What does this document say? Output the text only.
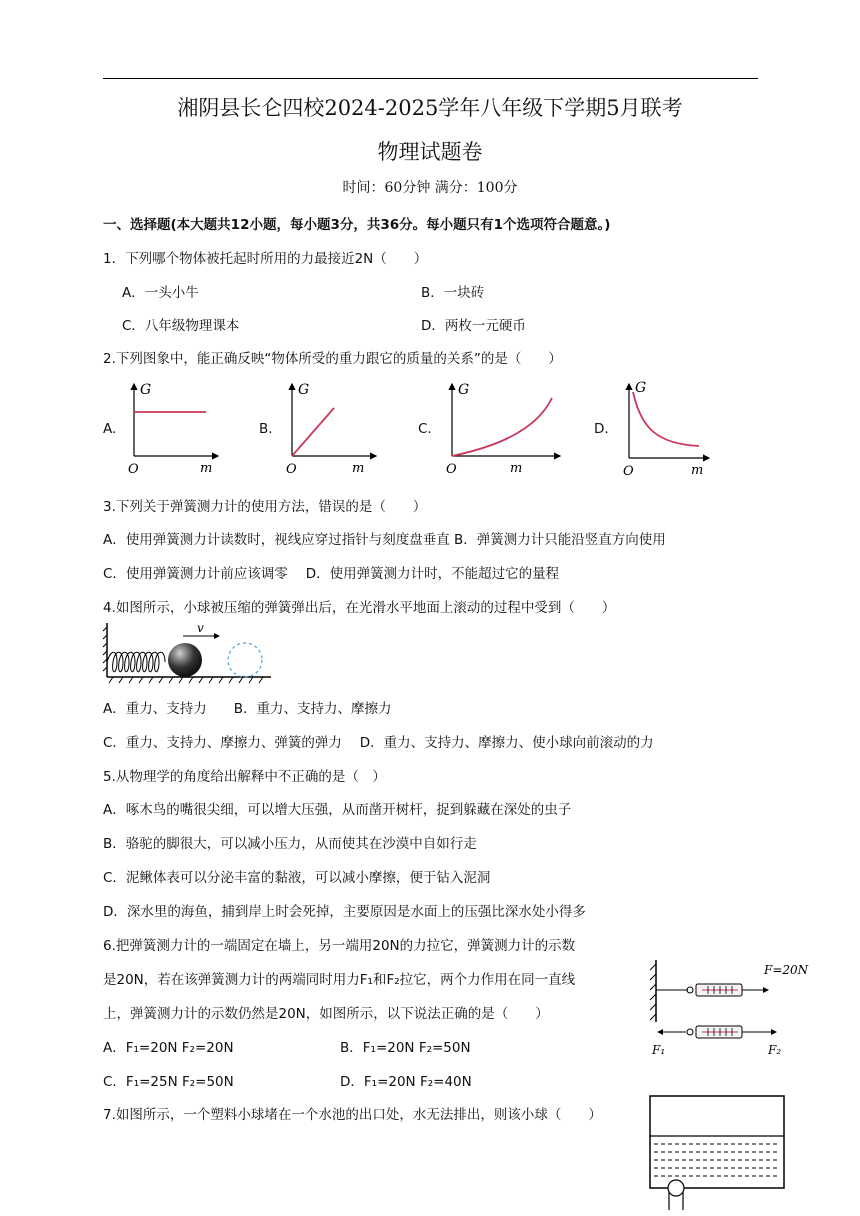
湘阴县长仑四校2024-2025学年八年级下学期5月联考
物理试题卷
时间：60分钟 满分：100分
一、选择题(本大题共12小题，每小题3分，共36分。每小题只有1个选项符合题意。)
1．下列哪个物体被托起时所用的力最接近2N（　　）
A．一头小牛	B．一块砖
C．八年级物理课本	D．两枚一元硬币
2.下列图象中，能正确反映“物体所受的重力跟它的质量的关系”的是（　　）
A.	B.	C.	D.
G
m
O
G
m
O
G
m
O
G
m
O
3.下列关于弹簧测力计的使用方法，错误的是（　　）
A．使用弹簧测力计读数时，视线应穿过指针与刻度盘垂直 B．弹簧测力计只能沿竖直方向使用
C．使用弹簧测力计前应该调零　 D．使用弹簧测力计时，不能超过它的量程
4.如图所示，小球被压缩的弹簧弹出后，在光滑水平地面上滚动的过程中受到（　　）
v
A．重力、支持力　　B．重力、支持力、摩擦力
C．重力、支持力、摩擦力、弹簧的弹力　 D．重力、支持力、摩擦力、使小球向前滚动的力
5.从物理学的角度给出解释中不正确的是（　）
A．啄木鸟的嘴很尖细，可以增大压强，从而凿开树杆，捉到躲藏在深处的虫子
B．骆驼的脚很大，可以减小压力，从而使其在沙漠中自如行走
C．泥鳅体表可以分泌丰富的黏液，可以减小摩擦，便于钻入泥洞
D．深水里的海鱼，捕到岸上时会死掉，主要原因是水面上的压强比深水处小得多
6.把弹簧测力计的一端固定在墙上，另一端用20N的力拉它，弹簧测力计的示数
是20N，若在该弹簧测力计的两端同时用力F₁和F₂拉它，两个力作用在同一直线
上，弹簧测力计的示数仍然是20N，如图所示，以下说法正确的是（　　）
A．F₁=20N F₂=20N	B．F₁=20N F₂=50N
C．F₁=25N F₂=50N	D．F₁=20N F₂=40N
F=20N
F₁	F₂
7.如图所示，一个塑料小球堵在一个水池的出口处，水无法排出，则该小球（　　）
